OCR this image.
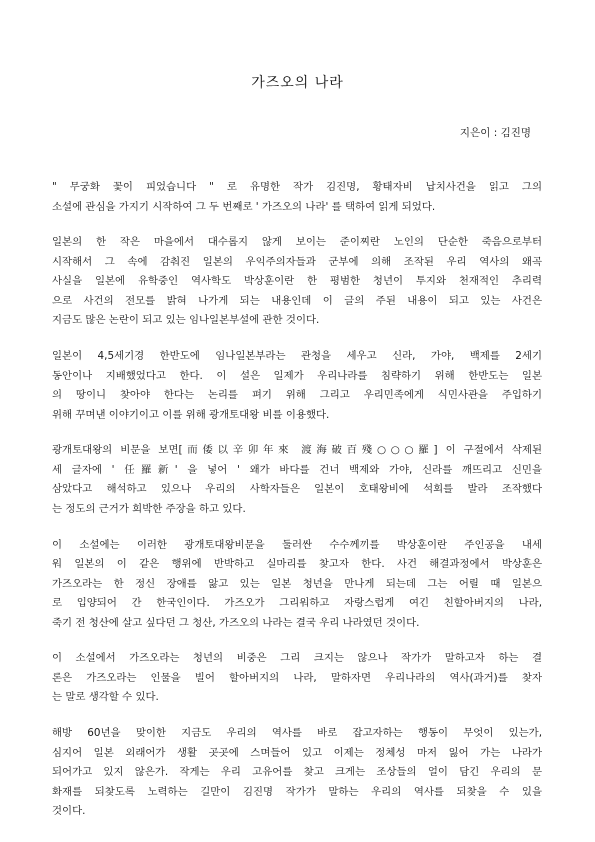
가즈오의 나라
지은이 : 김진명
" 무궁화 꽃이 피었습니다 " 로 유명한 작가 김진명, 황태자비 납치사건을 읽고 그의
소설에 관심을 가지기 시작하여 그 두 번째로 ' 가즈오의 나라' 를 택하여 읽게 되었다.
일본의 한 작은 마을에서 대수롭지 않게 보이는 준이찌란 노인의 단순한 죽음으로부터
시작해서 그 속에 감춰진 일본의 우익주의자들과 군부에 의해 조작된 우리 역사의 왜곡
사실을 일본에 유학중인 역사학도 박상훈이란 한 평범한 청년이 투지와 천재적인 추리력
으로 사건의 전모를 밝혀 나가게 되는 내용인데 이 글의 주된 내용이 되고 있는 사건은
지금도 많은 논란이 되고 있는 임나일본부설에 관한 것이다.
일본이 4,5세기경 한반도에 임나일본부라는 관청을 세우고 신라, 가야, 백제를 2세기
동안이나 지배했었다고 한다. 이 설은 일제가 우리나라를 침략하기 위해 한반도는 일본
의 땅이니 찾아야 한다는 논리를 펴기 위해 그리고 우리민족에게 식민사관을 주입하기
위해 꾸며낸 이야기이고 이를 위해 광개토대왕 비를 이용했다.
광개토대왕의 비문을 보면[而倭以辛卯年來 渡海破百殘○○○羅] 이 구절에서 삭제된
세 글자에 ' 任羅新' 을 넣어 ' 왜가 바다를 건너 백제와 가야, 신라를 깨뜨리고 신민을
삼았다고 해석하고 있으나 우리의 사학자들은 일본이 호태왕비에 석회를 발라 조작했다
는 정도의 근거가 희박한 주장을 하고 있다.
이 소설에는 이러한 광개토대왕비문을 둘러싼 수수께끼를 박상훈이란 주인공을 내세
워 일본의 이 같은 행위에 반박하고 실마리를 찾고자 한다. 사건 해결과정에서 박상훈은
가즈오라는 한 정신 장애를 앓고 있는 일본 청년을 만나게 되는데 그는 어릴 때 일본으
로 입양되어 간 한국인이다. 가즈오가 그리워하고 자랑스럽게 여긴 친할아버지의 나라,
죽기 전 청산에 살고 싶다던 그 청산, 가즈오의 나라는 결국 우리 나라였던 것이다.
이 소설에서 가즈오라는 청년의 비중은 그리 크지는 않으나 작가가 말하고자 하는 결
론은 가즈오라는 인물을 빌어 할아버지의 나라, 말하자면 우리나라의 역사(과거)를 찾자
는 말로 생각할 수 있다.
해방 60년을 맞이한 지금도 우리의 역사를 바로 잡고자하는 행동이 무엇이 있는가,
심지어 일본 외래어가 생활 곳곳에 스며들어 있고 이제는 정체성 마저 잃어 가는 나라가
되어가고 있지 않은가. 작게는 우리 고유어를 찾고 크게는 조상들의 얼이 담긴 우리의 문
화재를 되찾도록 노력하는 길만이 김진명 작가가 말하는 우리의 역사를 되찾을 수 있을
것이다.
